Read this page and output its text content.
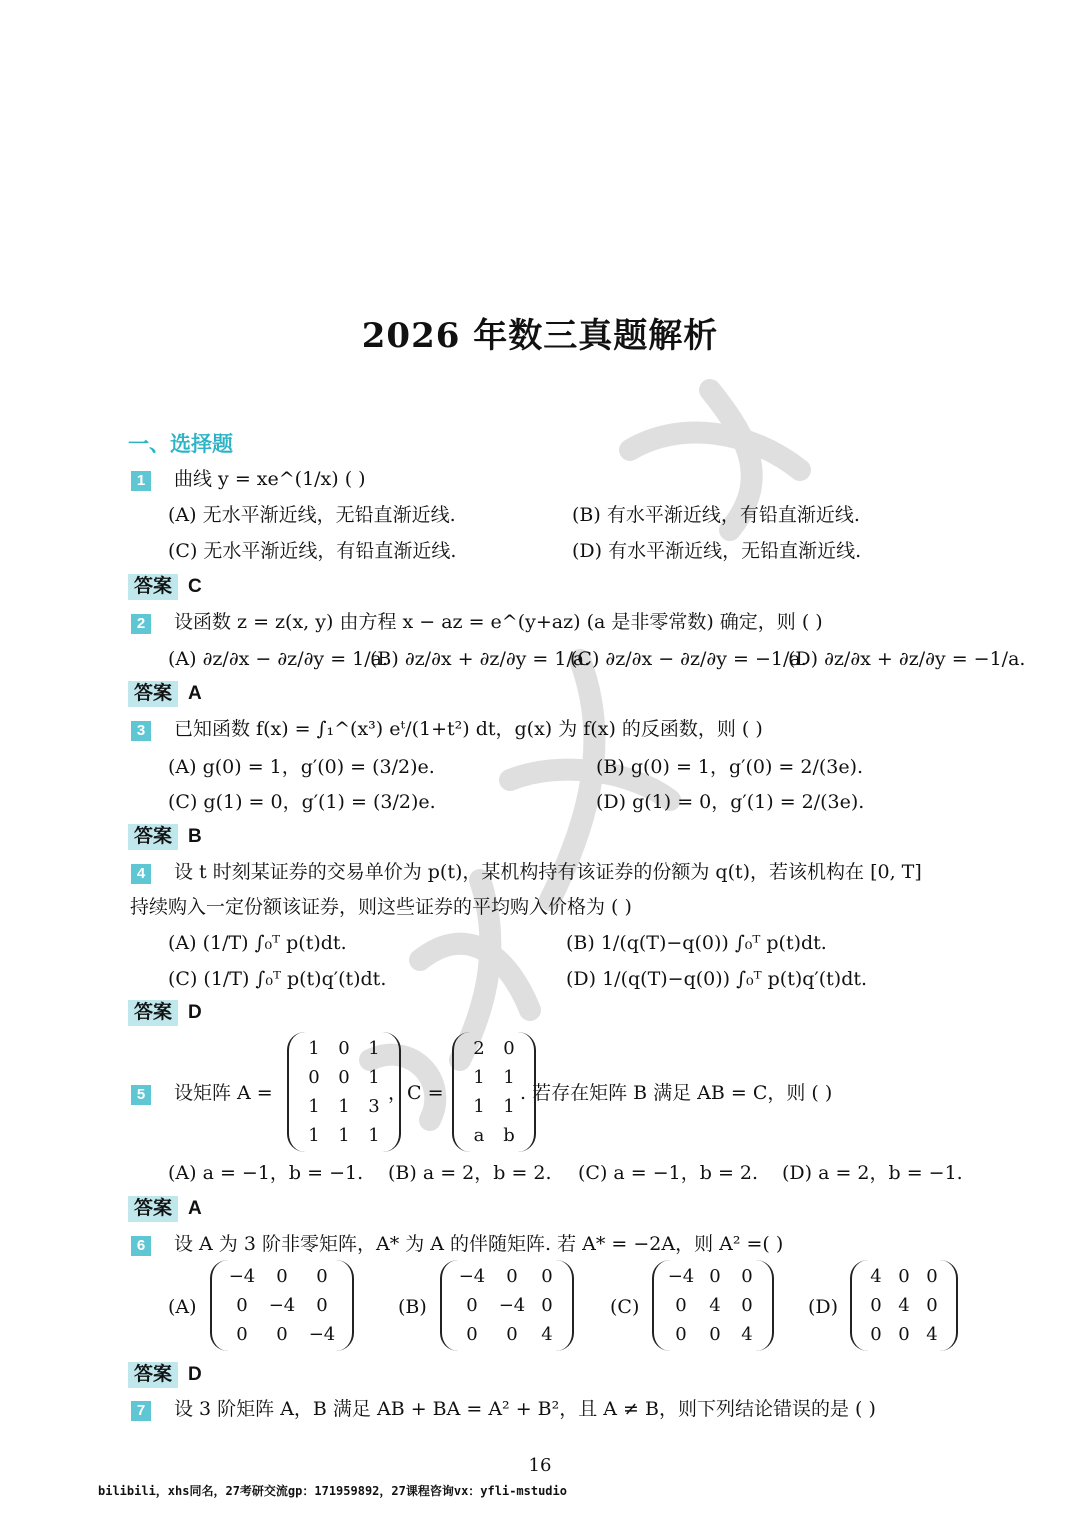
2026 年数三真题解析
一、选择题
1	曲线 y = xe^(1/x) ( )
(A) 无水平渐近线，无铅直渐近线.	(B) 有水平渐近线，有铅直渐近线.
(C) 无水平渐近线，有铅直渐近线.	(D) 有水平渐近线，无铅直渐近线.
答案 C
2	设函数 z = z(x, y) 由方程 x − az = e^(y+az) (a 是非零常数) 确定，则 ( )
(A) ∂z/∂x − ∂z/∂y = 1/a.
(B) ∂z/∂x + ∂z/∂y = 1/a.
(C) ∂z/∂x − ∂z/∂y = −1/a.
(D) ∂z/∂x + ∂z/∂y = −1/a.
答案 A
3	已知函数 f(x) = ∫₁^(x³) eᵗ/(1+t²) dt，g(x) 为 f(x) 的反函数，则 ( )
(A) g(0) = 1，g′(0) = (3/2)e.	(B) g(0) = 1，g′(0) = 2/(3e).
(C) g(1) = 0，g′(1) = (3/2)e.	(D) g(1) = 0，g′(1) = 2/(3e).
答案 B
4	设 t 时刻某证券的交易单价为 p(t)，某机构持有该证券的份额为 q(t)，若该机构在 [0, T]
持续购入一定份额该证券，则这些证券的平均购入价格为 ( )
(A) (1/T) ∫₀ᵀ p(t)dt.	(B) 1/(q(T)−q(0)) ∫₀ᵀ p(t)dt.
(C) (1/T) ∫₀ᵀ p(t)q′(t)dt.	(D) 1/(q(T)−q(0)) ∫₀ᵀ p(t)q′(t)dt.
答案 D
5	设矩阵 A =
1	0	1
0	0	1
1	1	3
1	1	1
，C =
2	0
1	1
1	1
a	b
. 若存在矩阵 B 满足 AB = C，则 ( )
(A) a = −1，b = −1. (B) a = 2，b = 2. (C) a = −1，b = 2. (D) a = 2，b = −1.
答案 A
6	设 A 为 3 阶非零矩阵，A* 为 A 的伴随矩阵. 若 A* = −2A，则 A² =( )
(A)
−4	0	0
0	−4	0
0	0	−4
(B)
−4	0	0
0	−4 0
0	0	4
(C)
−4 0	0
0	4	0
0	0	4
(D)
4 0 0
0 4 0
0 0 4
答案 D
7	设 3 阶矩阵 A，B 满足 AB + BA = A² + B²，且 A ≠ B，则下列结论错误的是 ( )
16
bilibili，xhs同名，27考研交流gp：171959892，27课程咨询vx：yfli-mstudio
